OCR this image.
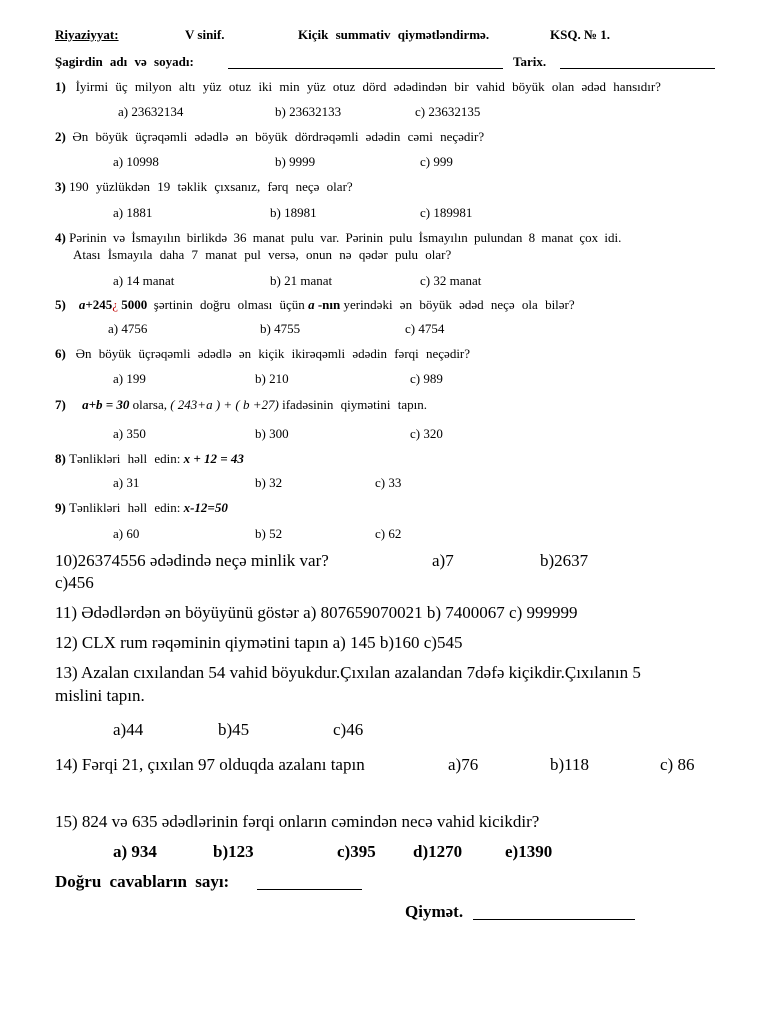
Riyaziyyat:	V sinif.	Kiçik summativ qiymətləndirmə.	KSQ. № 1.
Şagirdin adı və soyadı:	Tarix.
1) İyirmi üç milyon altı yüz otuz iki min yüz otuz dörd ədədindən bir vahid böyük olan ədəd hansıdır?
a) 23632134	b) 23632133	c) 23632135
2) Ən böyük üçrəqəmli ədədlə ən böyük dördrəqəmli ədədin cəmi neçədir?
a) 10998	b) 9999	c) 999
3) 190 yüzlükdən 19 təklik çıxsanız, fərq neçə olar?
a) 1881	b) 18981	c) 189981
4) Pərinin və İsmayılın birlikdə 36 manat pulu var. Pərinin pulu İsmayılın pulundan 8 manat çox idi.
Atası İsmayıla daha 7 manat pul versə, onun nə qədər pulu olar?
a) 14 manat	b) 21 manat	c) 32 manat
5) a+245¿ 5000 şərtinin doğru olması üçün a -nın yerindəki ən böyük ədəd neçə ola bilər?
a) 4756	b) 4755	c) 4754
6) Ən böyük üçrəqəmli ədədlə ən kiçik ikirəqəmli ədədin fərqi neçədir?
a) 199	b) 210	c) 989
7) a+b = 30 olarsa, ( 243+a ) + ( b +27) ifadəsinin qiymətini tapın.
a) 350	b) 300	c) 320
8) Tənlikləri həll edin: x + 12 = 43
a) 31	b) 32	c) 33
9) Tənlikləri həll edin: x-12=50
a) 60	b) 52	c) 62
10)26374556 ədədində neçə minlik var?	a)7	b)2637
c)456
11) Ədədlərdən ən böyüyünü göstər a) 807659070021 b) 7400067 c) 999999
12) CLX rum rəqəminin qiymətini tapın a) 145 b)160 c)545
13) Azalan cıxılandan 54 vahid böyukdur.Çıxılan azalandan 7dəfə kiçikdir.Çıxılanın 5
mislini tapın.
a)44	b)45	c)46
14) Fərqi 21, çıxılan 97 olduqda azalanı tapın	a)76	b)118	c) 86
15) 824 və 635 ədədlərinin fərqi onların cəmindən necə vahid kicikdir?
a) 934	b)123	c)395 d)1270	e)1390
Doğru cavabların sayı:
Qiymət.
